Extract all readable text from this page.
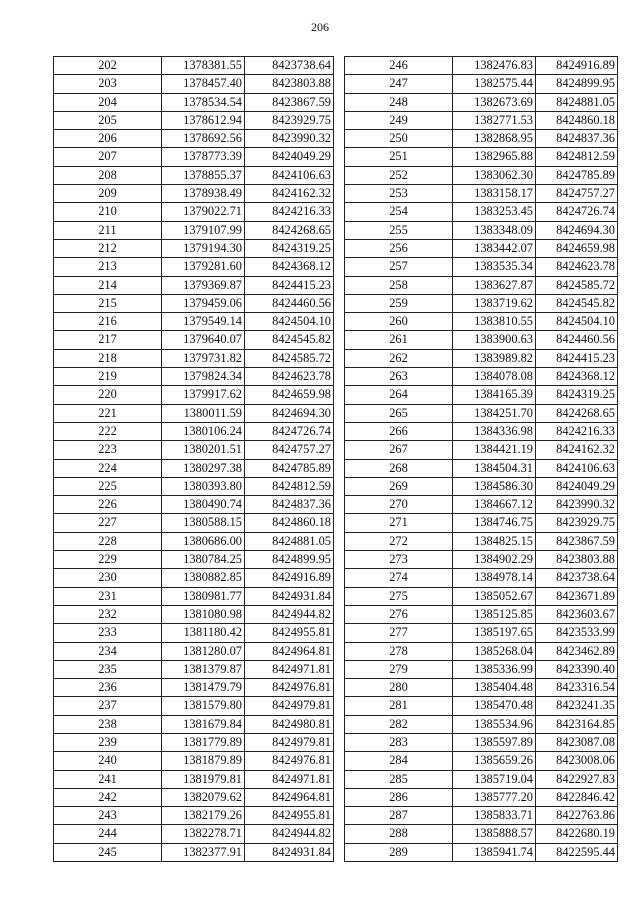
206
202	1378381.55	8423738.64
203	1378457.40	8423803.88
204	1378534.54	8423867.59
205	1378612.94	8423929.75
206	1378692.56	8423990.32
207	1378773.39	8424049.29
208	1378855.37	8424106.63
209	1378938.49	8424162.32
210	1379022.71	8424216.33
211	1379107.99	8424268.65
212	1379194.30	8424319.25
213	1379281.60	8424368.12
214	1379369.87	8424415.23
215	1379459.06	8424460.56
216	1379549.14	8424504.10
217	1379640.07	8424545.82
218	1379731.82	8424585.72
219	1379824.34	8424623.78
220	1379917.62	8424659.98
221	1380011.59	8424694.30
222	1380106.24	8424726.74
223	1380201.51	8424757.27
224	1380297.38	8424785.89
225	1380393.80	8424812.59
226	1380490.74	8424837.36
227	1380588.15	8424860.18
228	1380686.00	8424881.05
229	1380784.25	8424899.95
230	1380882.85	8424916.89
231	1380981.77	8424931.84
232	1381080.98	8424944.82
233	1381180.42	8424955.81
234	1381280.07	8424964.81
235	1381379.87	8424971.81
236	1381479.79	8424976.81
237	1381579.80	8424979.81
238	1381679.84	8424980.81
239	1381779.89	8424979.81
240	1381879.89	8424976.81
241	1381979.81	8424971.81
242	1382079.62	8424964.81
243	1382179.26	8424955.81
244	1382278.71	8424944.82
245	1382377.91	8424931.84
246	1382476.83	8424916.89
247	1382575.44	8424899.95
248	1382673.69	8424881.05
249	1382771.53	8424860.18
250	1382868.95	8424837.36
251	1382965.88	8424812.59
252	1383062.30	8424785.89
253	1383158.17	8424757.27
254	1383253.45	8424726.74
255	1383348.09	8424694.30
256	1383442.07	8424659.98
257	1383535.34	8424623.78
258	1383627.87	8424585.72
259	1383719.62	8424545.82
260	1383810.55	8424504.10
261	1383900.63	8424460.56
262	1383989.82	8424415.23
263	1384078.08	8424368.12
264	1384165.39	8424319.25
265	1384251.70	8424268.65
266	1384336.98	8424216.33
267	1384421.19	8424162.32
268	1384504.31	8424106.63
269	1384586.30	8424049.29
270	1384667.12	8423990.32
271	1384746.75	8423929.75
272	1384825.15	8423867.59
273	1384902.29	8423803.88
274	1384978.14	8423738.64
275	1385052.67	8423671.89
276	1385125.85	8423603.67
277	1385197.65	8423533.99
278	1385268.04	8423462.89
279	1385336.99	8423390.40
280	1385404.48	8423316.54
281	1385470.48	8423241.35
282	1385534.96	8423164.85
283	1385597.89	8423087.08
284	1385659.26	8423008.06
285	1385719.04	8422927.83
286	1385777.20	8422846.42
287	1385833.71	8422763.86
288	1385888.57	8422680.19
289	1385941.74	8422595.44
